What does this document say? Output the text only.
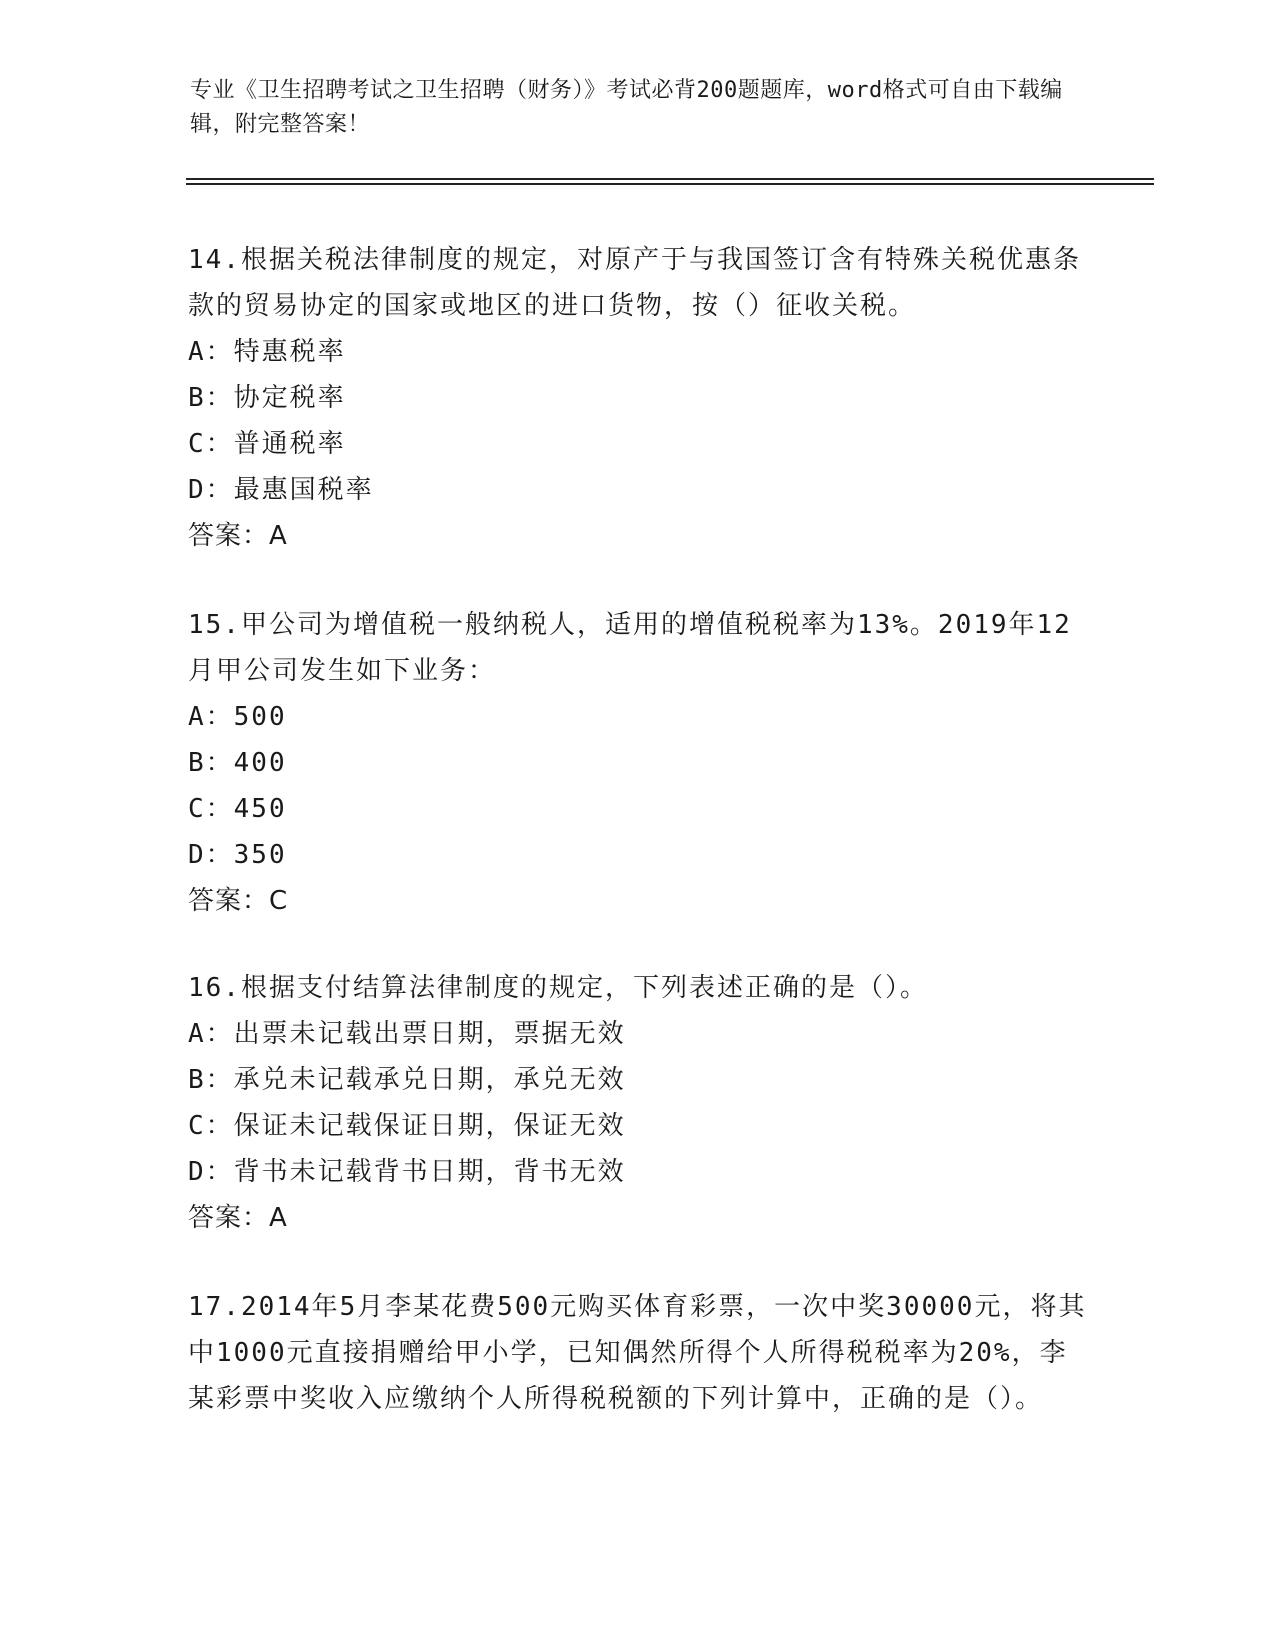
专业《卫生招聘考试之卫生招聘（财务）》考试必背200题题库，word格式可自由下载编辑，附完整答案！

14.根据关税法律制度的规定，对原产于与我国签订含有特殊关税优惠条款的贸易协定的国家或地区的进口货物，按（）征收关税。

A：特惠税率

B：协定税率

C：普通税率

D：最惠国税率

答案：A

15.甲公司为增值税一般纳税人，适用的增值税税率为13%。2019年12月甲公司发生如下业务：

A：500

B：400

C：450

D：350

答案：C

16.根据支付结算法律制度的规定，下列表述正确的是（）。

A：出票未记载出票日期，票据无效

B：承兑未记载承兑日期，承兑无效

C：保证未记载保证日期，保证无效

D：背书未记载背书日期，背书无效

答案：A

17.2014年5月李某花费500元购买体育彩票，一次中奖30000元，将其中1000元直接捐赠给甲小学，已知偶然所得个人所得税税率为20%，李某彩票中奖收入应缴纳个人所得税税额的下列计算中，正确的是（）。
